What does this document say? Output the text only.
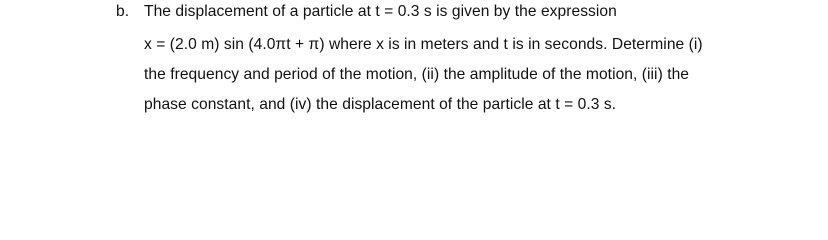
b. The displacement of a particle at t = 0.3 s is given by the expression
x = (2.0 m) sin (4.0πt + π) where x is in meters and t is in seconds. Determine (i)
the frequency and period of the motion, (ii) the amplitude of the motion, (iii) the
phase constant, and (iv) the displacement of the particle at t = 0.3 s.
